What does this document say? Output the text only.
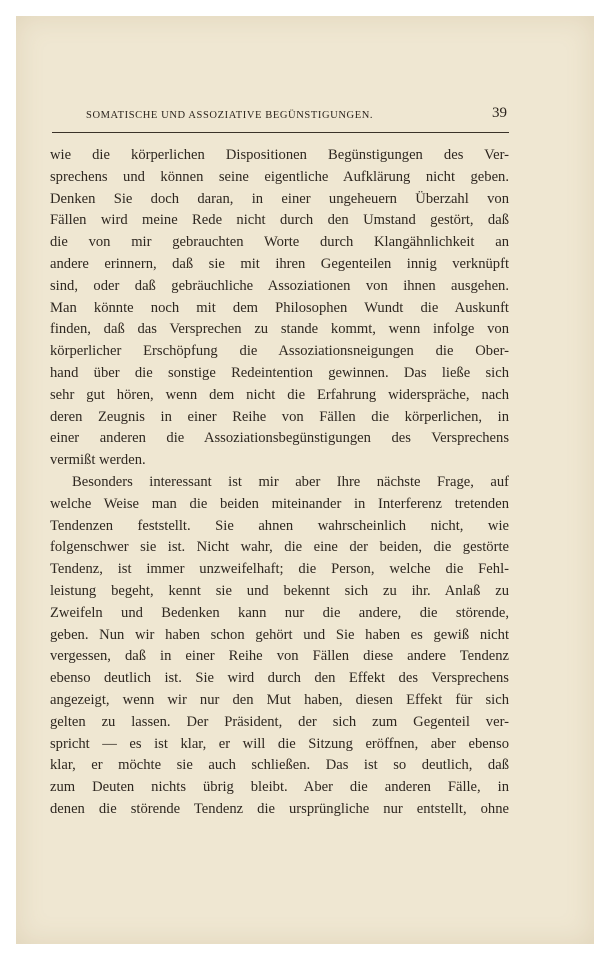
SOMATISCHE UND ASSOZIATIVE BEGÜNSTIGUNGEN.	39
wie die körperlichen Dispositionen Begünstigungen des Ver-
sprechens und können seine eigentliche Aufklärung nicht geben.
Denken Sie doch daran, in einer ungeheuern Überzahl von
Fällen wird meine Rede nicht durch den Umstand gestört, daß
die von mir gebrauchten Worte durch Klangähnlichkeit an
andere erinnern, daß sie mit ihren Gegenteilen innig verknüpft
sind, oder daß gebräuchliche Assoziationen von ihnen ausgehen.
Man könnte noch mit dem Philosophen Wundt die Auskunft
finden, daß das Versprechen zu stande kommt, wenn infolge von
körperlicher Erschöpfung die Assoziationsneigungen die Ober-
hand über die sonstige Redeintention gewinnen. Das ließe sich
sehr gut hören, wenn dem nicht die Erfahrung widerspräche, nach
deren Zeugnis in einer Reihe von Fällen die körperlichen, in
einer anderen die Assoziationsbegünstigungen des Versprechens
vermißt werden.
Besonders interessant ist mir aber Ihre nächste Frage, auf
welche Weise man die beiden miteinander in Interferenz tretenden
Tendenzen feststellt. Sie ahnen wahrscheinlich nicht, wie
folgenschwer sie ist. Nicht wahr, die eine der beiden, die gestörte
Tendenz, ist immer unzweifelhaft; die Person, welche die Fehl-
leistung begeht, kennt sie und bekennt sich zu ihr. Anlaß zu
Zweifeln und Bedenken kann nur die andere, die störende,
geben. Nun wir haben schon gehört und Sie haben es gewiß nicht
vergessen, daß in einer Reihe von Fällen diese andere Tendenz
ebenso deutlich ist. Sie wird durch den Effekt des Versprechens
angezeigt, wenn wir nur den Mut haben, diesen Effekt für sich
gelten zu lassen. Der Präsident, der sich zum Gegenteil ver-
spricht — es ist klar, er will die Sitzung eröffnen, aber ebenso
klar, er möchte sie auch schließen. Das ist so deutlich, daß
zum Deuten nichts übrig bleibt. Aber die anderen Fälle, in
denen die störende Tendenz die ursprüngliche nur entstellt, ohne
